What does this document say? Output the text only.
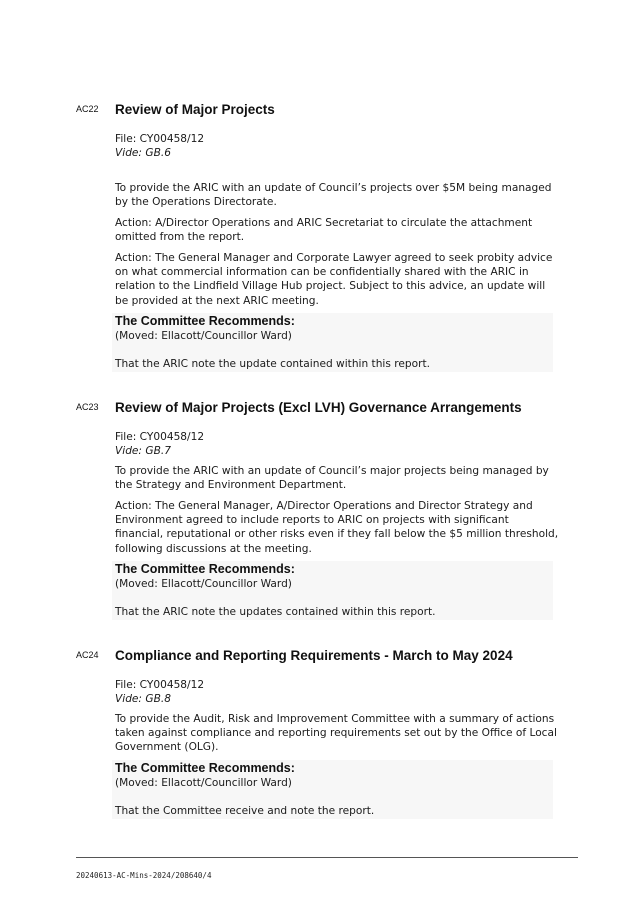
AC22 Review of Major Projects
File: CY00458/12
Vide: GB.6
To provide the ARIC with an update of Council’s projects over $5M being managed by the Operations Directorate.
Action: A/Director Operations and ARIC Secretariat to circulate the attachment omitted from the report.
Action: The General Manager and Corporate Lawyer agreed to seek probity advice on what commercial information can be confidentially shared with the ARIC in relation to the Lindfield Village Hub project. Subject to this advice, an update will be provided at the next ARIC meeting.
The Committee Recommends:
(Moved: Ellacott/Councillor Ward)
That the ARIC note the update contained within this report.
AC23 Review of Major Projects (Excl LVH) Governance Arrangements
File: CY00458/12
Vide: GB.7
To provide the ARIC with an update of Council’s major projects being managed by the Strategy and Environment Department.
Action: The General Manager, A/Director Operations and Director Strategy and Environment agreed to include reports to ARIC on projects with significant financial, reputational or other risks even if they fall below the $5 million threshold, following discussions at the meeting.
The Committee Recommends:
(Moved: Ellacott/Councillor Ward)
That the ARIC note the updates contained within this report.
AC24 Compliance and Reporting Requirements - March to May 2024
File: CY00458/12
Vide: GB.8
To provide the Audit, Risk and Improvement Committee with a summary of actions taken against compliance and reporting requirements set out by the Office of Local Government (OLG).
The Committee Recommends:
(Moved: Ellacott/Councillor Ward)
That the Committee receive and note the report.
20240613-AC-Mins-2024/208640/4
